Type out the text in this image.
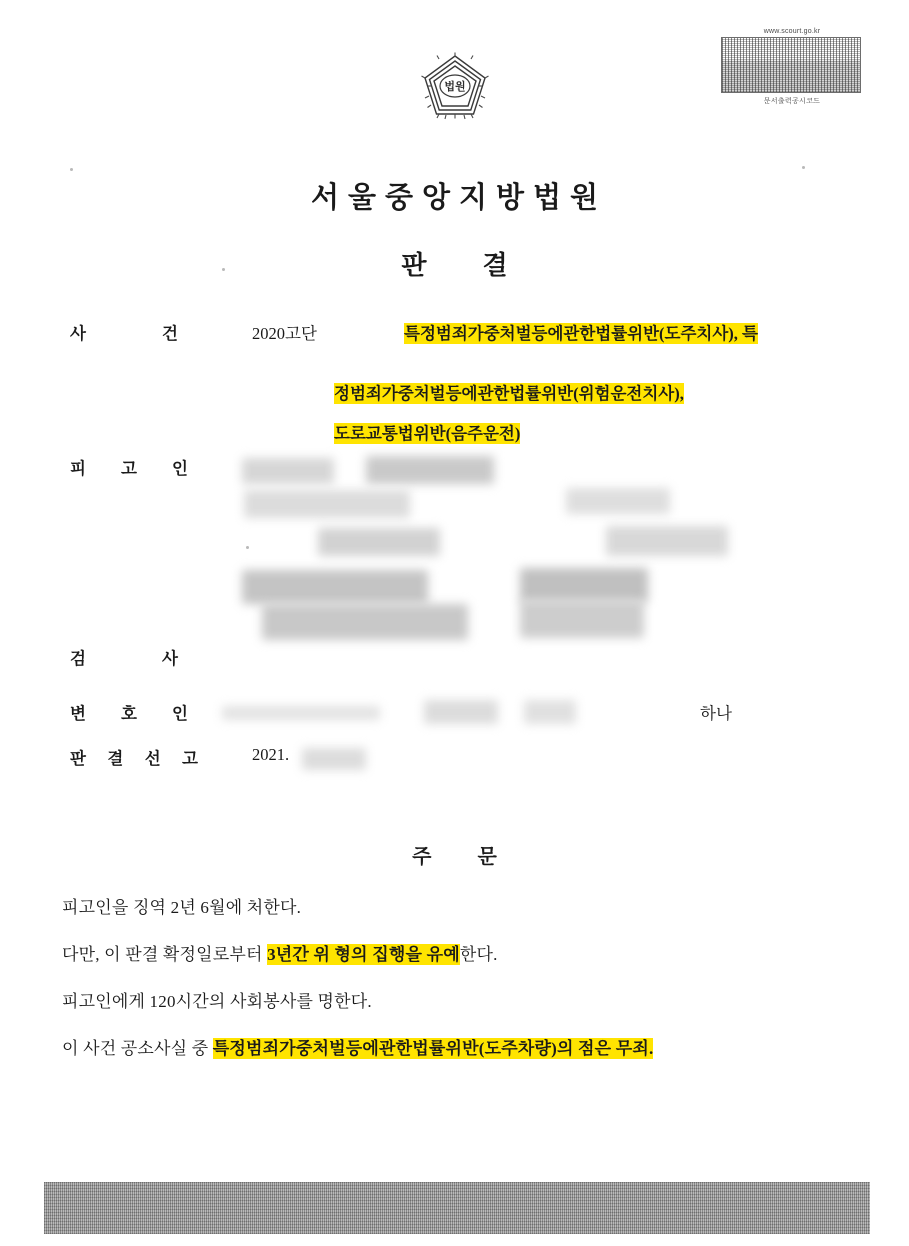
법원
www.scourt.go.kr
문서출력공시코드
서울중앙지방법원
판결
사	건	2020고단	특정범죄가중처벌등에관한법률위반(도주치사), 특
정범죄가중처벌등에관한법률위반(위험운전치사),
도로교통법위반(음주운전)
피 고 인
검	사
변 호 인	하나
판 결 선 고	2021.
주문
피고인을 징역 2년 6월에 처한다.
다만, 이 판결 확정일로부터 3년간 위 형의 집행을 유예한다.
피고인에게 120시간의 사회봉사를 명한다.
이 사건 공소사실 중 특정범죄가중처벌등에관한법률위반(도주차량)의 점은 무죄.
